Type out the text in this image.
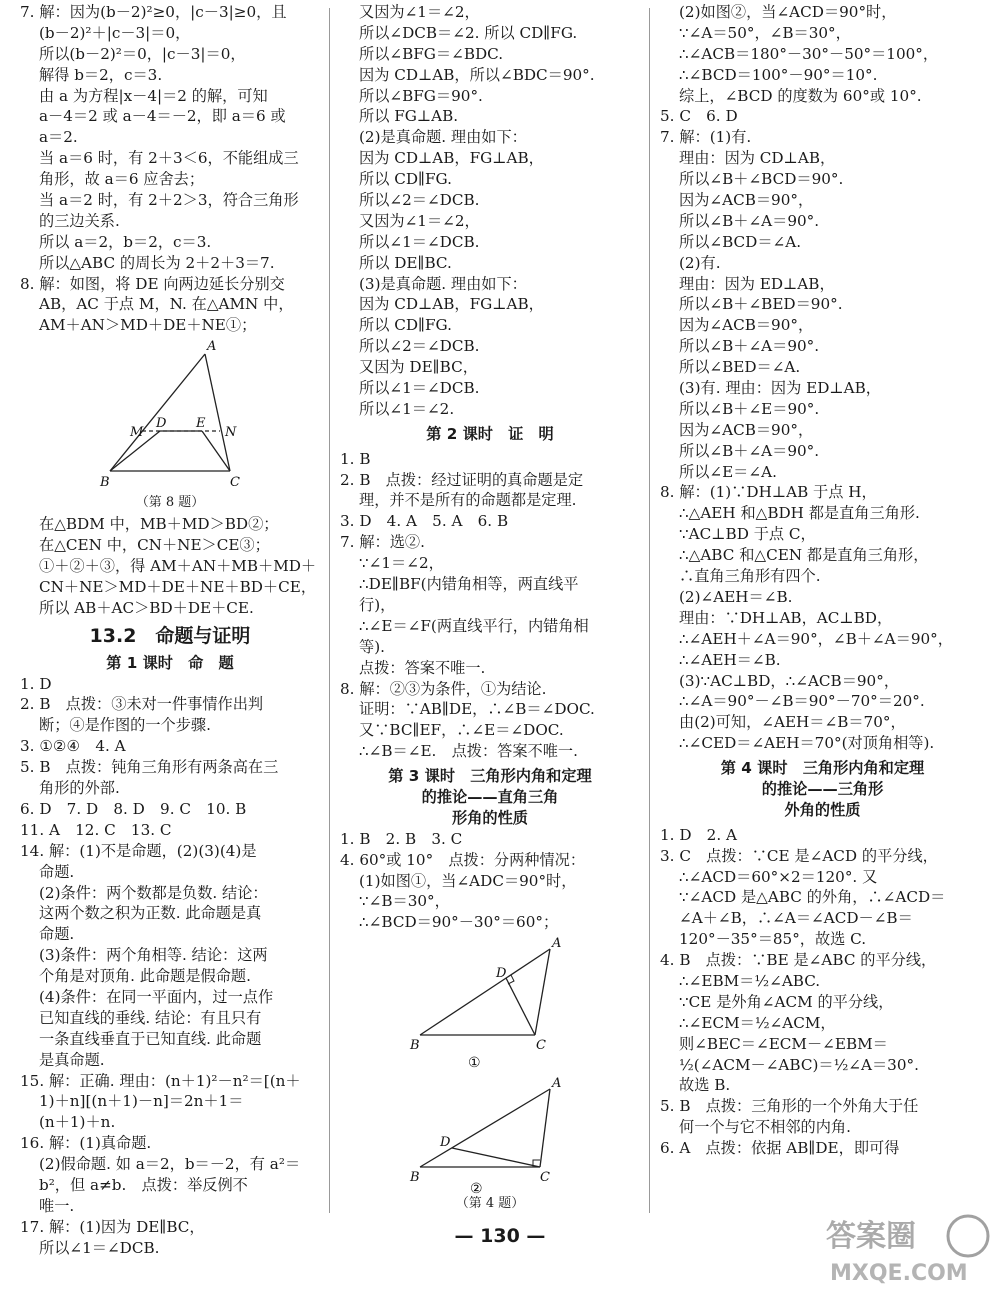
7. 解：因为(b－2)²≥0，|c－3|≥0，且
(b－2)²＋|c－3|＝0，
所以(b－2)²＝0，|c－3|＝0，
解得 b＝2，c＝3.
由 a 为方程|x－4|＝2 的解，可知
a－4＝2 或 a－4＝－2，即 a＝6 或
a＝2.
当 a＝6 时，有 2＋3＜6，不能组成三
角形，故 a＝6 应舍去；
当 a＝2 时，有 2＋2＞3，符合三角形
的三边关系.
所以 a＝2，b＝2，c＝3.
所以△ABC 的周长为 2＋2＋3＝7.
8. 解：如图，将 DE 向两边延长分别交
AB，AC 于点 M，N. 在△AMN 中，
AM＋AN＞MD＋DE＋NE①；
A
M
D E
N
B	C
（第 8 题）
在△BDM 中，MB＋MD＞BD②；
在△CEN 中，CN＋NE＞CE③；
①＋②＋③，得 AM＋AN＋MB＋MD＋
CN＋NE＞MD＋DE＋NE＋BD＋CE，
所以 AB＋AC＞BD＋DE＋CE.
13.2　命题与证明
第 1 课时　命　题
1. D
2. B　点拨：③未对一件事情作出判
断；④是作图的一个步骤.
3. ①②④　4. A
5. B　点拨：钝角三角形有两条高在三
角形的外部.
6. D　7. D　8. D　9. C　10. B
11. A　12. C　13. C
14. 解：(1)不是命题，(2)(3)(4)是
命题.
(2)条件：两个数都是负数. 结论：
这两个数之积为正数. 此命题是真
命题.
(3)条件：两个角相等. 结论：这两
个角是对顶角. 此命题是假命题.
(4)条件：在同一平面内，过一点作
已知直线的垂线. 结论：有且只有
一条直线垂直于已知直线. 此命题
是真命题.
15. 解：正确. 理由：(n＋1)²－n²＝[(n＋
1)＋n][(n＋1)－n]＝2n＋1＝
(n＋1)＋n.
16. 解：(1)真命题.
(2)假命题. 如 a＝2，b＝－2，有 a²＝
b²，但 a≠b.　点拨：举反例不
唯一.
17. 解：(1)因为 DE∥BC，
所以∠1＝∠DCB.
又因为∠1＝∠2，
所以∠DCB＝∠2. 所以 CD∥FG.
所以∠BFG＝∠BDC.
因为 CD⊥AB，所以∠BDC＝90°.
所以∠BFG＝90°.
所以 FG⊥AB.
(2)是真命题. 理由如下：
因为 CD⊥AB，FG⊥AB，
所以 CD∥FG.
所以∠2＝∠DCB.
又因为∠1＝∠2，
所以∠1＝∠DCB.
所以 DE∥BC.
(3)是真命题. 理由如下：
因为 CD⊥AB，FG⊥AB，
所以 CD∥FG.
所以∠2＝∠DCB.
又因为 DE∥BC，
所以∠1＝∠DCB.
所以∠1＝∠2.
第 2 课时　证　明
1. B
2. B　点拨：经过证明的真命题是定
理，并不是所有的命题都是定理.
3. D　4. A　5. A　6. B
7. 解：选②.
∵∠1＝∠2，
∴DE∥BF(内错角相等，两直线平
行)，
∴∠E＝∠F(两直线平行，内错角相
等).
点拨：答案不唯一.
8. 解：②③为条件，①为结论.
证明：∵AB∥DE，∴∠B＝∠DOC.
又∵BC∥EF，∴∠E＝∠DOC.
∴∠B＝∠E.　点拨：答案不唯一.
第 3 课时　三角形内角和定理
的推论——直角三角
形角的性质
1. B　2. B　3. C
4. 60°或 10°　点拨：分两种情况：
(1)如图①，当∠ADC＝90°时，
∵∠B＝30°，
∴∠BCD＝90°－30°＝60°；
A
D
B	C
①
A
D
B	C
②
（第 4 题）
(2)如图②，当∠ACD＝90°时，
∵∠A＝50°，∠B＝30°，
∴∠ACB＝180°－30°－50°＝100°，
∴∠BCD＝100°－90°＝10°.
综上，∠BCD 的度数为 60°或 10°.
5. C　6. D
7. 解：(1)有.
理由：因为 CD⊥AB，
所以∠B＋∠BCD＝90°.
因为∠ACB＝90°，
所以∠B＋∠A＝90°.
所以∠BCD＝∠A.
(2)有.
理由：因为 ED⊥AB，
所以∠B＋∠BED＝90°.
因为∠ACB＝90°，
所以∠B＋∠A＝90°.
所以∠BED＝∠A.
(3)有. 理由：因为 ED⊥AB，
所以∠B＋∠E＝90°.
因为∠ACB＝90°，
所以∠B＋∠A＝90°.
所以∠E＝∠A.
8. 解：(1)∵DH⊥AB 于点 H，
∴△AEH 和△BDH 都是直角三角形.
∵AC⊥BD 于点 C，
∴△ABC 和△CEN 都是直角三角形，
∴直角三角形有四个.
(2)∠AEH＝∠B.
理由：∵DH⊥AB，AC⊥BD，
∴∠AEH＋∠A＝90°，∠B＋∠A＝90°，
∴∠AEH＝∠B.
(3)∵AC⊥BD，∴∠ACB＝90°，
∴∠A＝90°－∠B＝90°－70°＝20°.
由(2)可知，∠AEH＝∠B＝70°，
∴∠CED＝∠AEH＝70°(对顶角相等).
第 4 课时　三角形内角和定理
的推论——三角形
外角的性质
1. D　2. A
3. C　点拨：∵CE 是∠ACD 的平分线，
∴∠ACD＝60°×2＝120°. 又
∵∠ACD 是△ABC 的外角，∴∠ACD＝
∠A＋∠B，∴∠A＝∠ACD－∠B＝
120°－35°＝85°，故选 C.
4. B　点拨：∵BE 是∠ABC 的平分线，
∴∠EBM＝½∠ABC.
∵CE 是外角∠ACM 的平分线，
∴∠ECM＝½∠ACM，
则∠BEC＝∠ECM－∠EBM＝
½(∠ACM－∠ABC)＝½∠A＝30°.
故选 B.
5. B　点拨：三角形的一个外角大于任
何一个与它不相邻的内角.
6. A　点拨：依据 AB∥DE，即可得
— 130 —	答案圈
MXQE.COM
